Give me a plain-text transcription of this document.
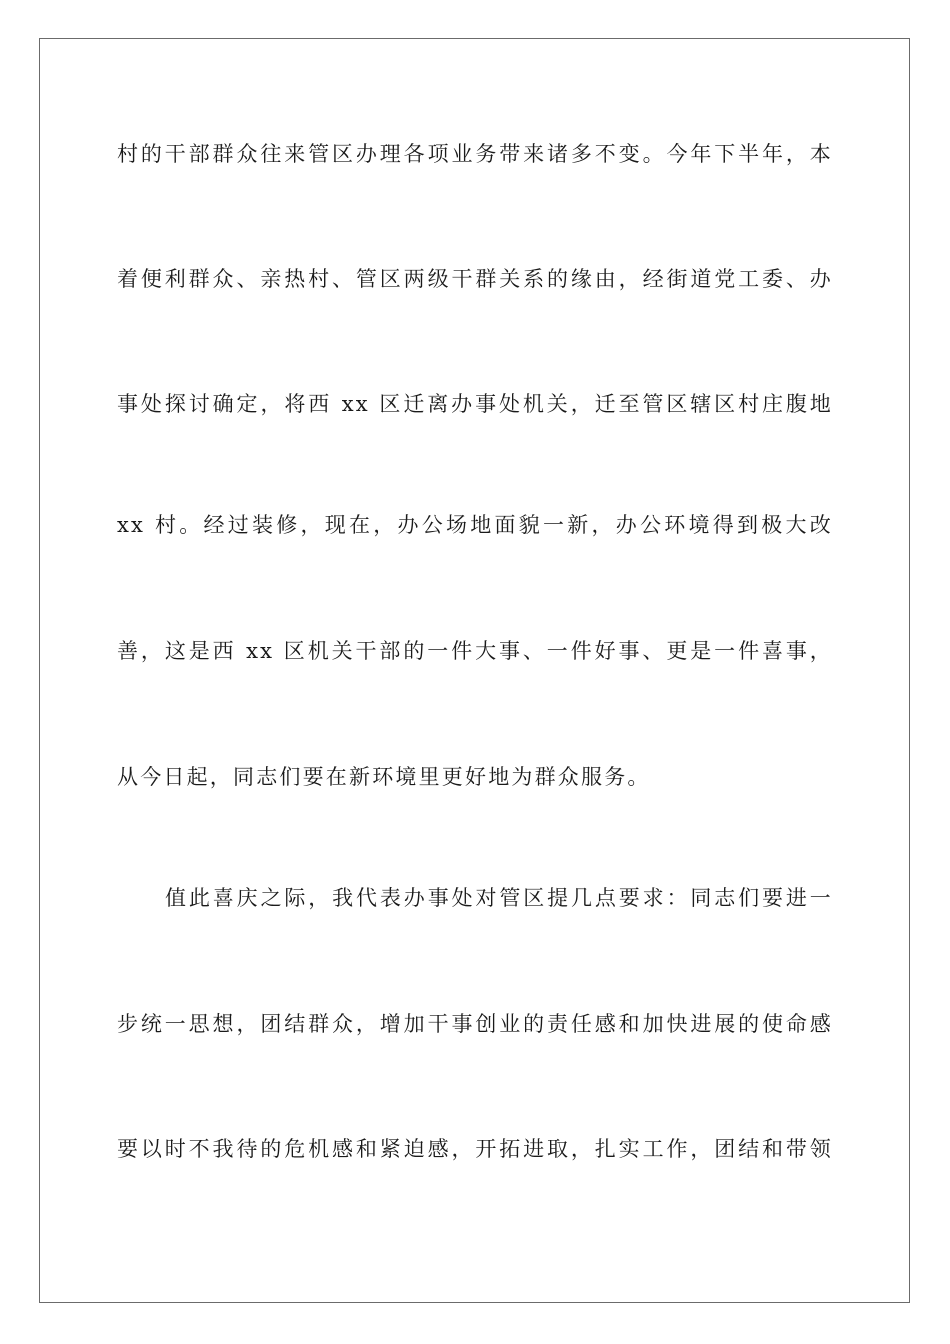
村的干部群众往来管区办理各项业务带来诸多不变。今年下半年，本
着便利群众、亲热村、管区两级干群关系的缘由，经街道党工委、办
事处探讨确定，将西 xx 区迁离办事处机关，迁至管区辖区村庄腹地
xx 村。经过装修，现在，办公场地面貌一新，办公环境得到极大改
善，这是西 xx 区机关干部的一件大事、一件好事、更是一件喜事，
从今日起，同志们要在新环境里更好地为群众服务。
值此喜庆之际，我代表办事处对管区提几点要求：同志们要进一
步统一思想，团结群众，增加干事创业的责任感和加快进展的使命感
要以时不我待的危机感和紧迫感，开拓进取，扎实工作，团结和带领
